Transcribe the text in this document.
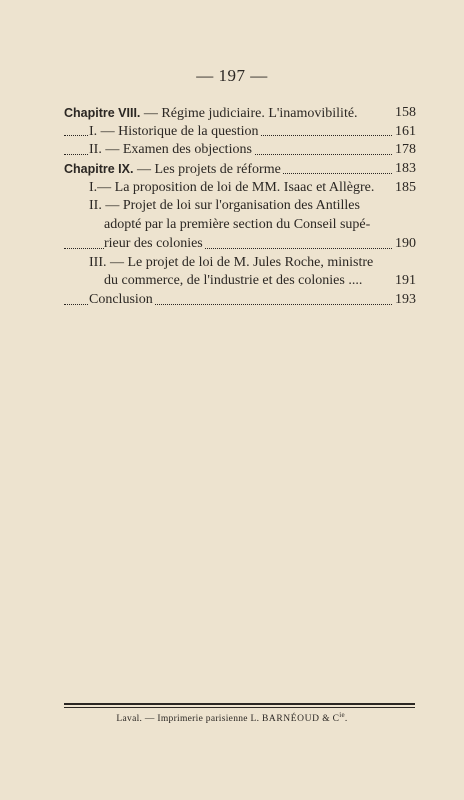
— 197 —
Chapitre VIII. — Régime judiciaire. L'inamovibilité.	158
I. — Historique de la question	161
II. — Examen des objections	178
Chapitre IX. — Les projets de réforme	183
I.— La proposition de loi de MM. Isaac et Allègre. 185
II. — Projet de loi sur l'organisation des Antilles
adopté par la première section du Conseil supé-
rieur des colonies	190
III. — Le projet de loi de M. Jules Roche, ministre
du commerce, de l'industrie et des colonies .... 191
Conclusion	193
Laval. — Imprimerie parisienne L. BARNÉOUD & $C^{ie}$.
